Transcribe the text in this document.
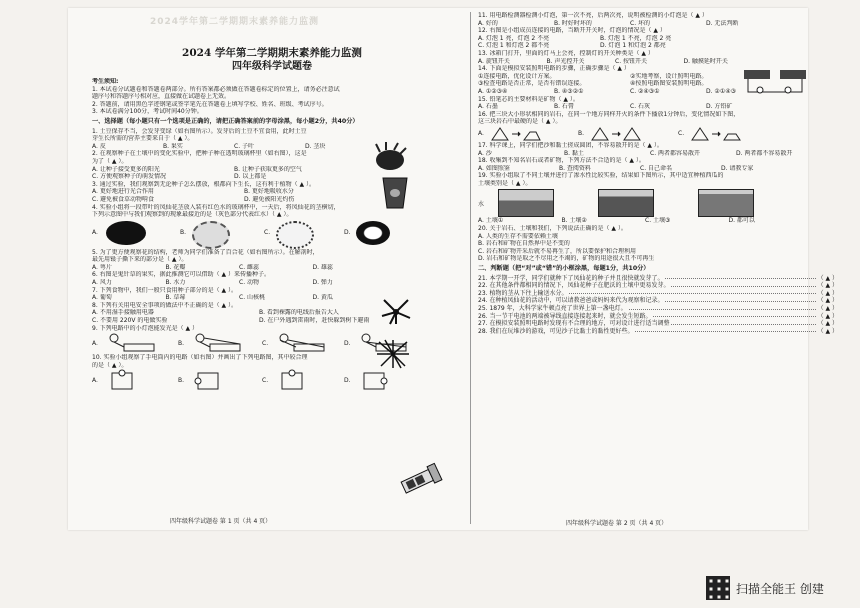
2024学年第二学期期末素养能力监测
2024 学年第二学期期末素养能力监测
四年级科学试题卷
考生须知:
1. 本试卷分试题卷和答题卷两部分。所有答案都必须做在答题卷标定的位置上，请务必注意试
题序号和答题序号相对应，直接做在试题卷上无效。
2. 答题前，请用黑色字迹钢笔或签字笔先在答题卷上填写学校、姓名、班级、考试序号。
3. 本试卷满分100分，考试时间40分钟。
一、选择题（每小题只有一个选项是正确的，请把正确答案前的字母涂黑，每小题2分，共40分）
1. 土豆保存不当，会发芽变绿（如右图所示）。发芽后的土豆不宜食用，此时土豆
芽生长所需的营养主要来自于（ ▲ ）。
A. 皮	B. 果实	C. 子叶	D. 茎块
2. 在观察种子在土壤中的变化实验中，把种子种在透明玻璃杯里（如右图），这是
为了（ ▲ ）。
A. 让种子接受更多的阳光	B. 让种子获取更多的空气
C. 方便观察种子的萌发情况	D. 以上都是
3. 通过实验，我们观察到无论种子怎么摆放，根都向下生长，这有利于植物（ ▲ ）。
A. 更好地进行光合作用	B. 更好地吸收水分
C. 避免被食草动物啃食	D. 避免被阳光灼伤
4. 实验小组将一段带叶的凤仙花茎放入装有红色水的玻璃杯中，一天后，将凤仙花的茎横切，
下列示意图中与我们观察到的现象最接近的是（灰色部分代表红水）（ ▲ ）。
A.	B.	C.	D.
5. 为了更方便观察花的结构，老师为同学们准备了百合花（如右图所示）。在解剖时，
最先用镊子撕下来的部分是（ ▲ ）。
A. 萼片	B. 花瓣	C. 雌蕊	D. 雄蕊
6. 右图是鬼针草的果实，据此推测它可以借助（ ▲ ）来传播种子。
A. 风力	B. 水力	C. 动物	D. 弹力
7. 下列食物中，我们一般只食用种子部分的是（ ▲ ）。
A. 葡萄	B. 草莓	C. 山核桃	D. 黄瓜
8. 下列有关用电安全事项的做法中不正确的是（ ▲ ）。
A. 不用湿手接触用电器	B. 看到裸露的电线后报告大人
C. 不要用 220V 的电做实验	D. 在户外遇到雷雨时，赶快躲到树下避雨
9. 下列电路中的小灯泡能发光是（ ▲ ）
A.	B.	C.	D.
10. 实验小组观察了手电筒内的电路（如右图）并画出了下列电路图，其中较合理
的是（ ▲ ）。
A.	B.	C.	D.
四年级科学试题卷 第 1 页（共 4 页）
11. 用电路检测器检测小灯泡，第一次不亮，后两次亮，说明被检测的小灯泡是（ ▲ ）
A. 好的	B. 时好时坏的	C. 坏的	D. 无法判断
12. 右图是小组成员连接的电路，当断开开关时，灯泡的情况是（ ▲ ）
A. 灯泡 1 亮，灯泡 2 不亮	B. 灯泡 1 不亮，灯泡 2 亮
C. 灯泡 1 和灯泡 2 都不亮	D. 灯泡 1 和灯泡 2 都亮
13. 冰箱门打开，里面的灯马上会亮，控制灯的开关种类是（ ▲ ）
A. 旋钮开关	B. 声光控开关	C. 按钮开关	D. 触摸延时开关
14. 下面是模拟安装照明电路的步骤，正确步骤是（ ▲ ）
①连接电路，优化设计方案。	②实地考察，设计照明电路。
③检查电路是否正常，是否有错误连接。	④按照电路图安装照明电路。
A. ①②③④	B. ④③②①	C. ②④③①	D. ②①④③
15. 铅笔芯的主要材料是矿物（ ▲ ）。
A. 石墨	B. 石膏	C. 石灰	D. 方铅矿
16. 把三块大小形状相同的岩石，在同一个地方同样开火的条件下播放1分钟后，变化情况如下图，
这三块岩石中最硬的是（ ▲ ）。
A.	B.	C.
17. 科学课上，同学们把沙和黏土搓成圆团，不容易散开的是（ ▲ ）。
A. 沙	B. 黏土	C. 两者都容易散开	D. 两者都不容易散开
18. 收集到不知名岩石或者矿物，下列方法不合适的是（ ▲ ）。
A. 如图照鉴	B. 查阅资料	C. 自己命名	D. 请教专家
19. 实验小组取了不同土壤并进行了渗水性比较实验，结果如下图所示，其中适宜种植西瓜的
土壤类别是（ ▲ ）。
水
A. 土壤①	B. 土壤②	C. 土壤③	D. 都可以
20. 关于岩石、土壤和我们，下列说法正确的是（ ▲ ）。
A. 人类的生存不需要依赖土壤
B. 岩石和矿物在自然界中是不变的
C. 岩石和矿物开采后就不易再生了，所以要保护和合理利用
D. 岩石和矿物是取之不尽用之不竭的，矿物的用途很大且不可再生
二、判断题（把“对”或“错”的小框涂黑，每题1分，共10分）
21. 本学期一开学，同学们就种下了凤仙花的种子并且很快就发芽了。	（ ▲ ）
22. 在其他条件都相同的情况下，凤仙花种子在肥沃的土壤中更易发芽。	（ ▲ ）
23. 植物的茎从下往上输送水分。	（ ▲ ）
24. 在种植凤仙花的活动中，可以请教爸爸或妈妈来代为观察和记录。	（ ▲ ）
25. 1879 年，大科学家牛顿点亮了世界上第一盏电灯。	（ ▲ ）
26. 当一节干电池的两端被导线直接连接起来时，就会发生短路。	（ ▲ ）
27. 在模拟安装照明电路时发现有不合理的地方，可对设计进行适当调整	（ ▲ ）
28. 我们在玩堆沙的游戏，可见沙子比黏土的黏性更好些。	（ ▲ ）
四年级科学试题卷 第 2 页（共 4 页）
扫描全能王 创建
